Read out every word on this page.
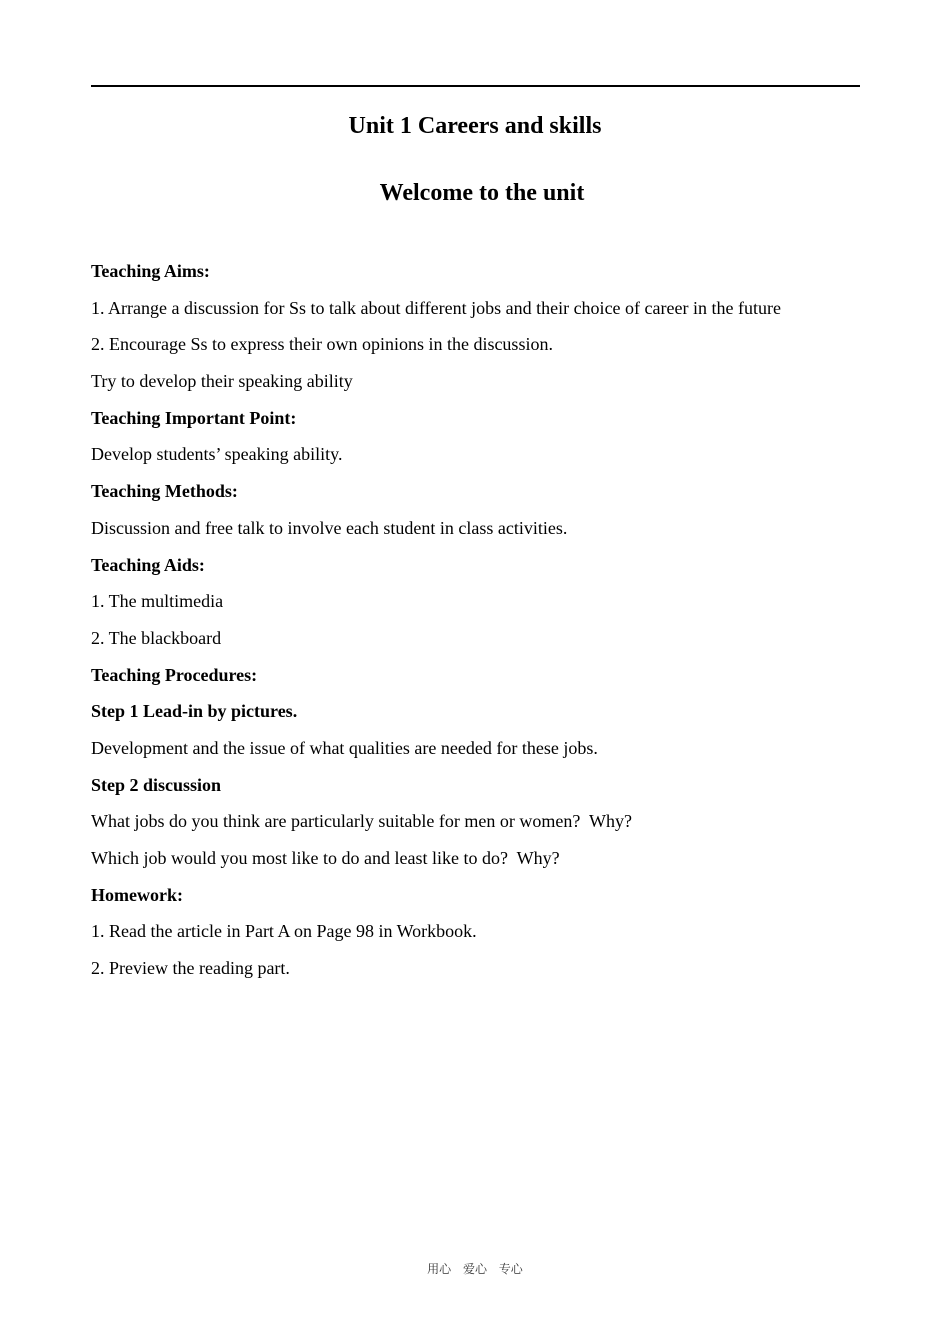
Unit 1 Careers and skills
Welcome to the unit
Teaching Aims:
1. Arrange a discussion for Ss to talk about different jobs and their choice of career in the future
2. Encourage Ss to express their own opinions in the discussion.
Try to develop their speaking ability
Teaching Important Point:
Develop students’ speaking ability.
Teaching Methods:
Discussion and free talk to involve each student in class activities.
Teaching Aids:
1. The multimedia
2. The blackboard
Teaching Procedures:
Step 1 Lead-in by pictures.
Development and the issue of what qualities are needed for these jobs.
Step 2 discussion
What jobs do you think are particularly suitable for men or women?  Why?
Which job would you most like to do and least like to do?  Why?
Homework:
1. Read the article in Part A on Page 98 in Workbook.
2. Preview the reading part.
用心 爱心 专心
